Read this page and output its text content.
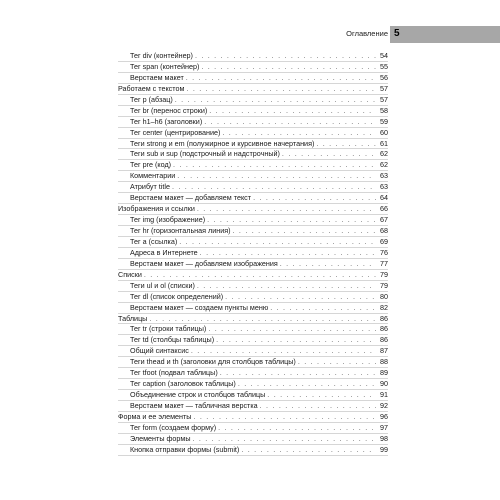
Оглавление 5
Тег div (контейнер) . . .	54
Тег span (контейнер) . . .	55
Верстаем макет . . .	56
Работаем с текстом . . .	57
Тег p (абзац) . . .	57
Тег br (перенос строки) . . .	58
Тег h1–h6 (заголовки) . . .	59
Тег center (центрирование) . . .	60
Теги strong и em (полужирное и курсивное начертания) . . .	61
Теги sub и sup (подстрочный и надстрочный) . . .	62
Тег pre (код) . . .	62
Комментарии . . .	63
Атрибут title . . .	63
Верстаем макет — добавляем текст . . .	64
Изображения и ссылки . . .	66
Тег img (изображение) . . .	67
Тег hr (горизонтальная линия) . . .	68
Тег a (ссылка) . . .	69
Адреса в Интернете . . .	76
Верстаем макет — добавляем изображения . . .	77
Списки . . .	79
Теги ul и ol (списки) . . .	79
Тег dl (список определений) . . .	80
Верстаем макет — создаем пункты меню . . .	82
Таблицы . . .	86
Тег tr (строки таблицы) . . .	86
Тег td (столбцы таблицы) . . .	86
Общий синтаксис . . .	87
Теги thead и th (заголовки для столбцов таблицы) . . .	88
Тег tfoot (подвал таблицы) . . .	89
Тег caption (заголовок таблицы) . . .	90
Объединение строк и столбцов таблицы . . .	91
Верстаем макет — табличная верстка . . .	92
Форма и ее элементы . . .	96
Тег form (создаем форму) . . .	97
Элементы формы . . .	98
Кнопка отправки формы (submit) . . .	99
